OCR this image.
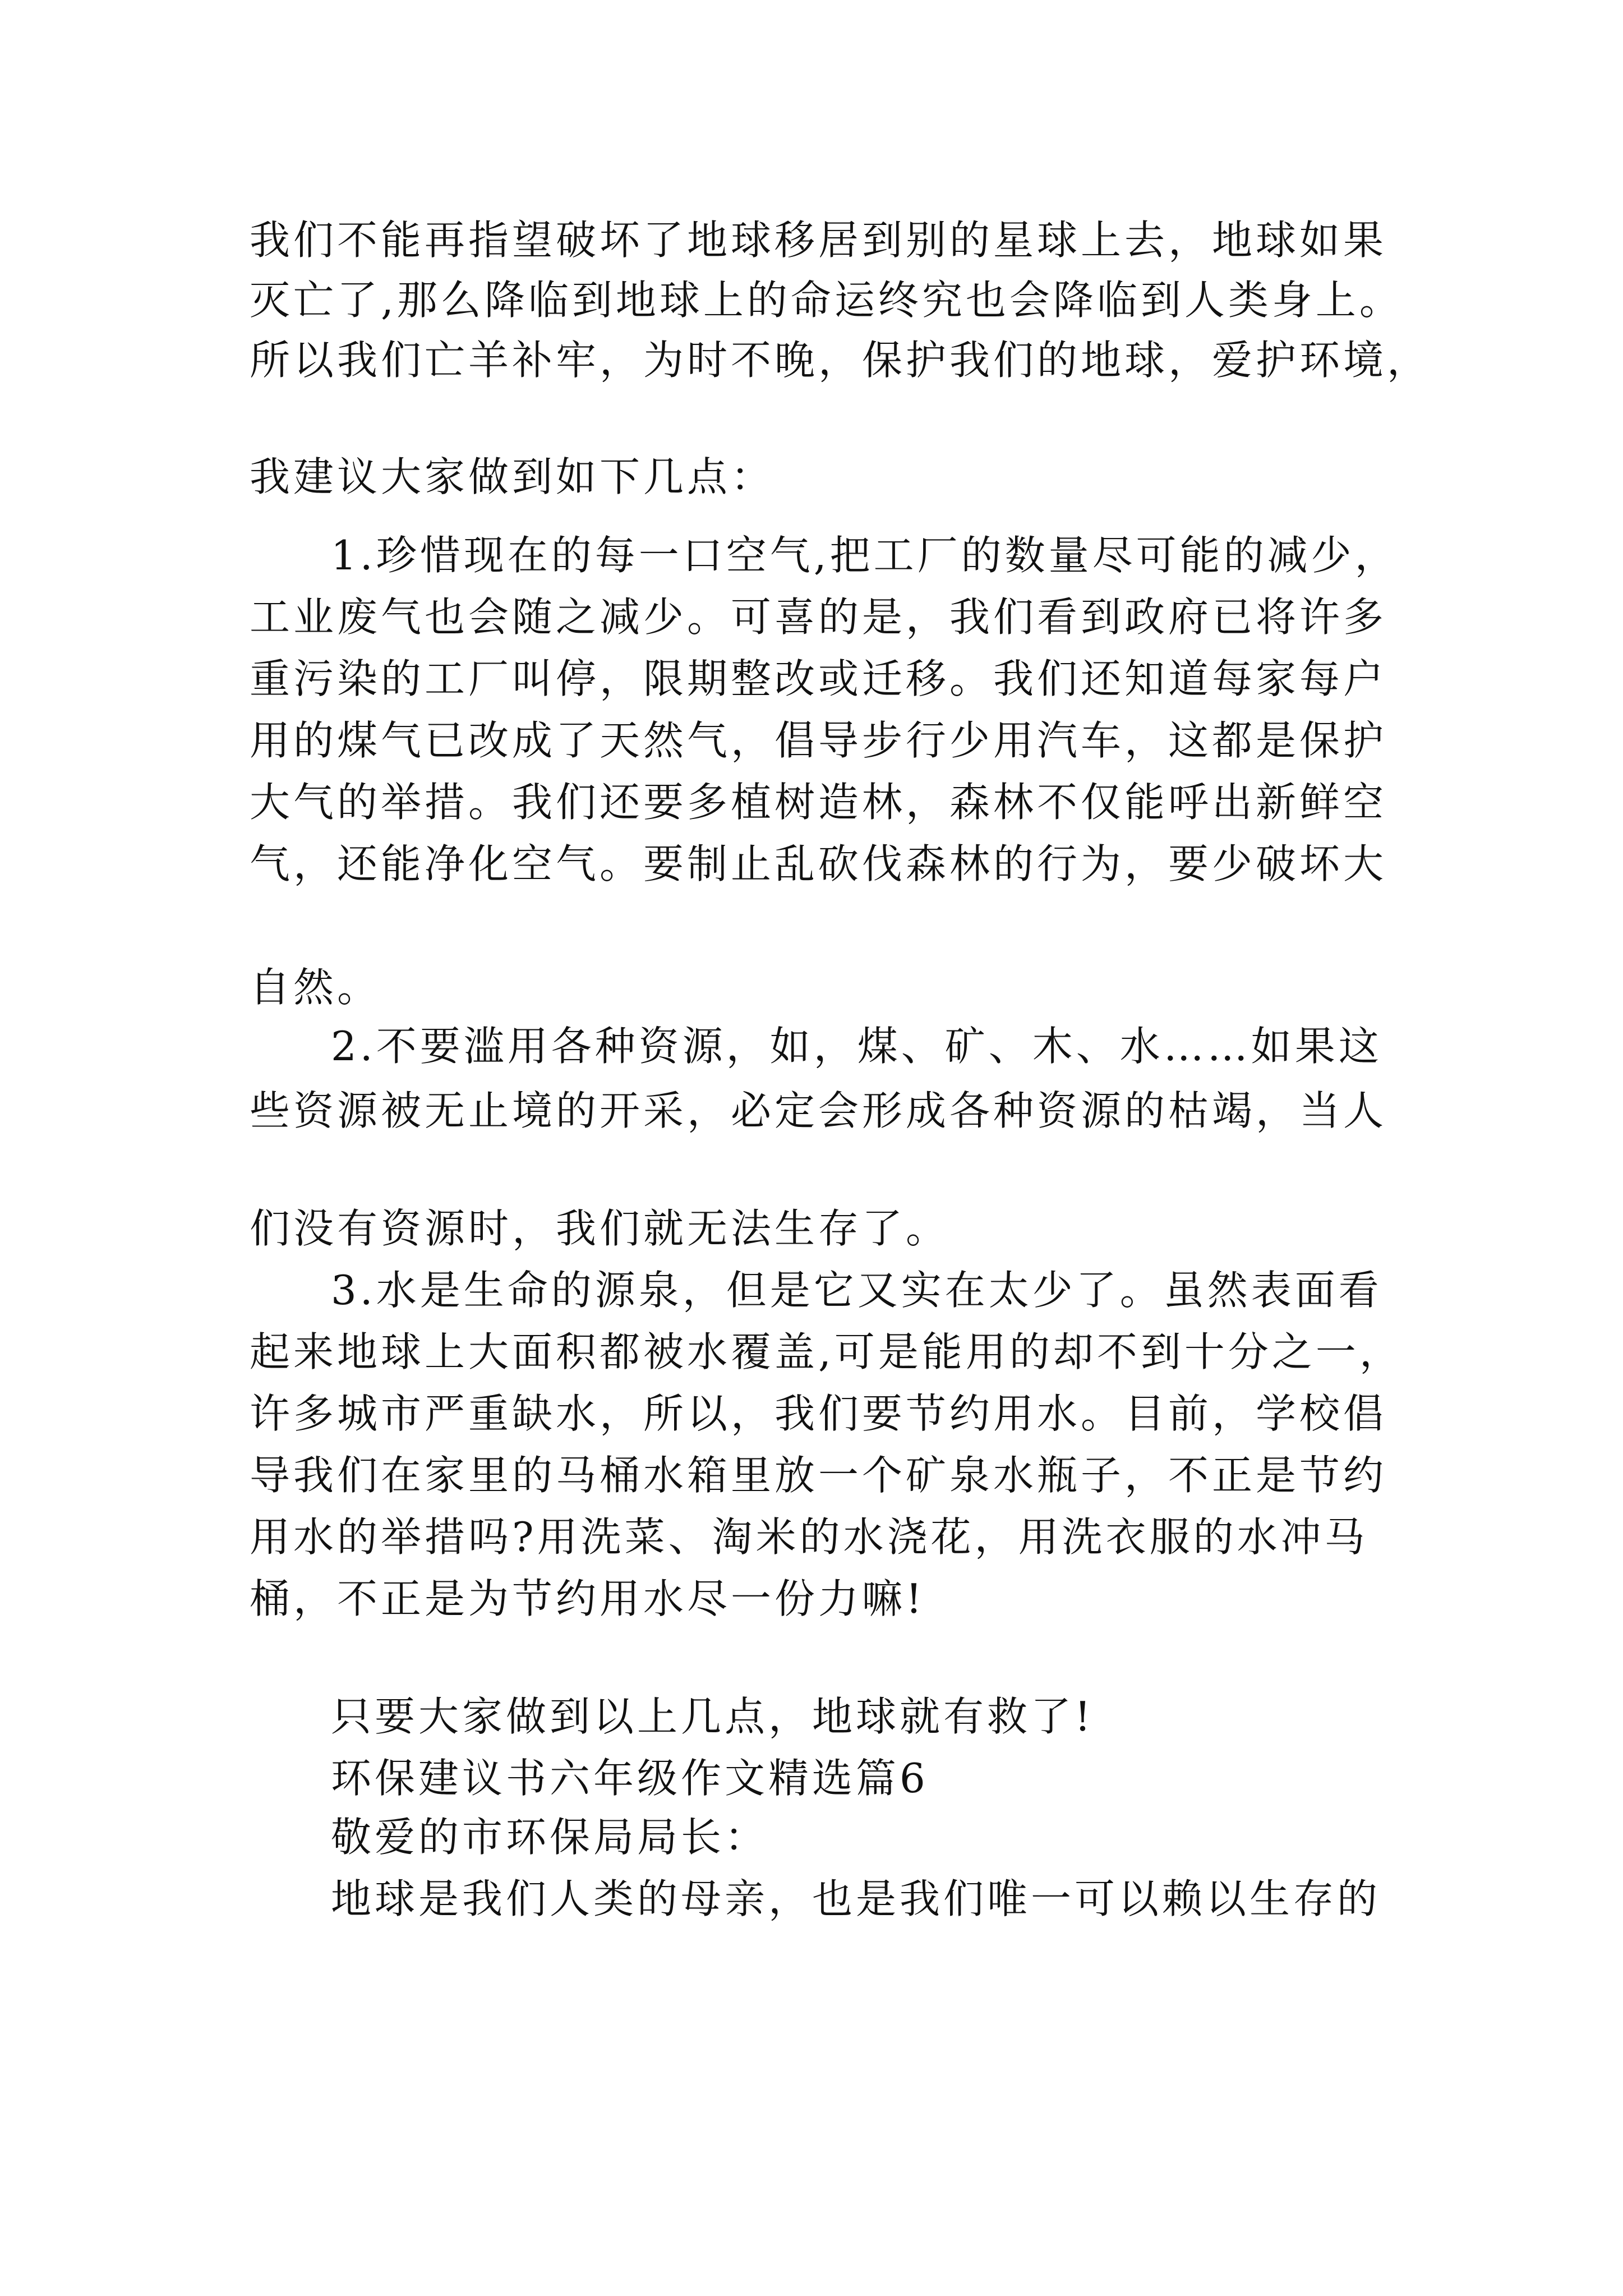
我们不能再指望破坏了地球移居到别的星球上去，地球如果
灭亡了,那么降临到地球上的命运终究也会降临到人类身上。
所以我们亡羊补牢，为时不晚，保护我们的地球，爱护环境，
我建议大家做到如下几点：
1.珍惜现在的每一口空气,把工厂的数量尽可能的减少，
工业废气也会随之减少。可喜的是，我们看到政府已将许多
重污染的工厂叫停，限期整改或迁移。我们还知道每家每户
用的煤气已改成了天然气，倡导步行少用汽车，这都是保护
大气的举措。我们还要多植树造林，森林不仅能呼出新鲜空
气，还能净化空气。要制止乱砍伐森林的行为，要少破坏大
自然。
2.不要滥用各种资源，如，煤、矿、木、水……如果这
些资源被无止境的开采，必定会形成各种资源的枯竭，当人
们没有资源时，我们就无法生存了。
3.水是生命的源泉，但是它又实在太少了。虽然表面看
起来地球上大面积都被水覆盖,可是能用的却不到十分之一，
许多城市严重缺水，所以，我们要节约用水。目前，学校倡
导我们在家里的马桶水箱里放一个矿泉水瓶子，不正是节约
用水的举措吗?用洗菜、淘米的水浇花，用洗衣服的水冲马
桶，不正是为节约用水尽一份力嘛!
只要大家做到以上几点，地球就有救了!
环保建议书六年级作文精选篇6
敬爱的市环保局局长：
地球是我们人类的母亲，也是我们唯一可以赖以生存的
